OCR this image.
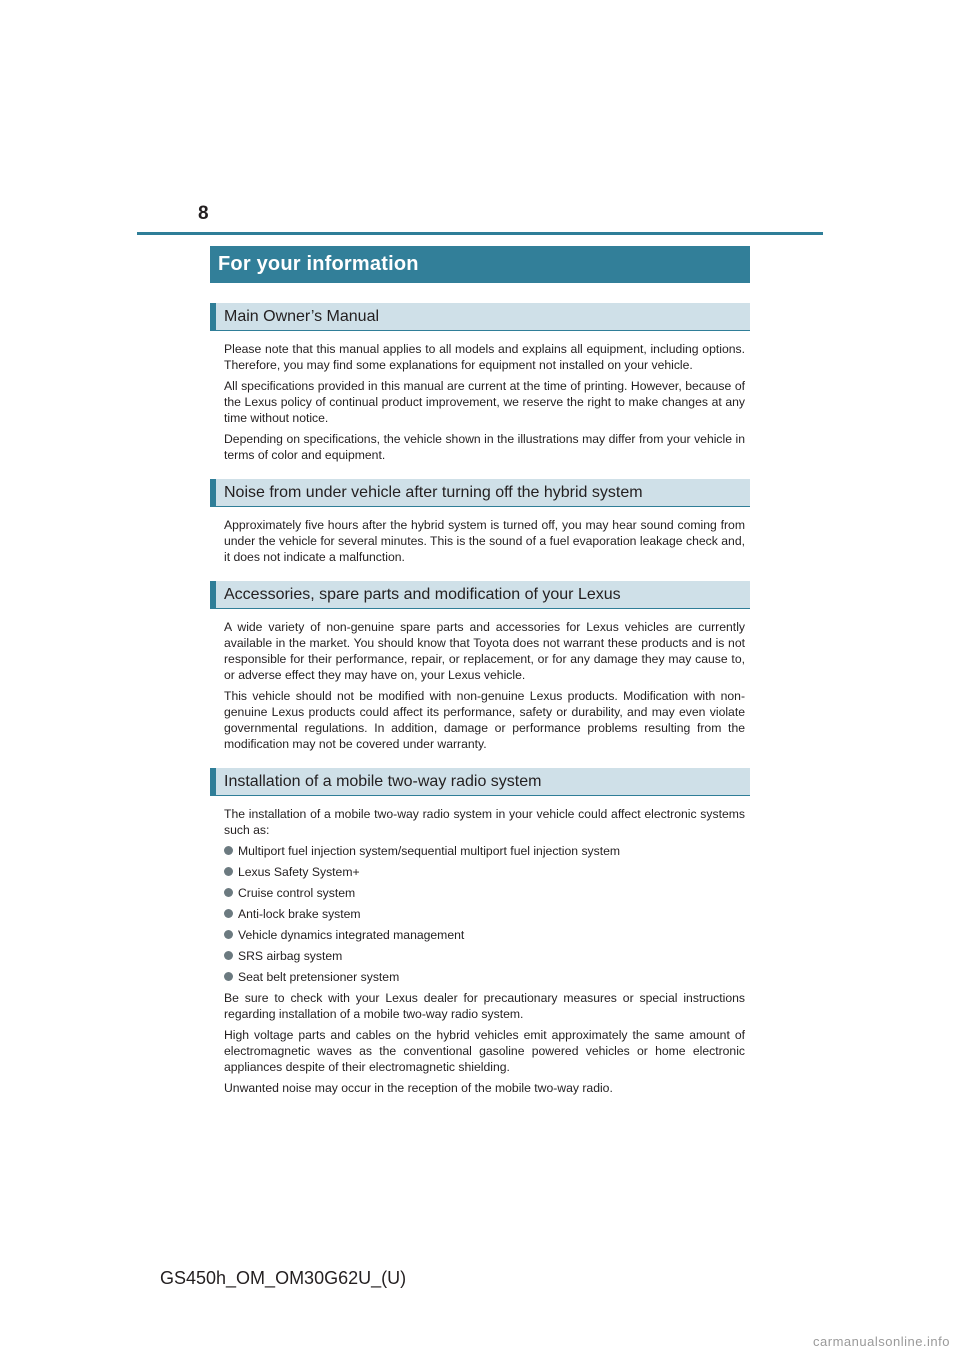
8
For your information
Main Owner’s Manual

Please note that this manual applies to all models and explains all equipment, including options. Therefore, you may find some explanations for equipment not installed on your vehicle.

All specifications provided in this manual are current at the time of printing. However, because of the Lexus policy of continual product improvement, we reserve the right to make changes at any time without notice.

Depending on specifications, the vehicle shown in the illustrations may differ from your vehicle in terms of color and equipment.

Noise from under vehicle after turning off the hybrid system

Approximately five hours after the hybrid system is turned off, you may hear sound coming from under the vehicle for several minutes. This is the sound of a fuel evaporation leakage check and, it does not indicate a malfunction.

Accessories, spare parts and modification of your Lexus

A wide variety of non-genuine spare parts and accessories for Lexus vehicles are currently available in the market. You should know that Toyota does not warrant these products and is not responsible for their performance, repair, or replacement, or for any damage they may cause to, or adverse effect they may have on, your Lexus vehicle.

This vehicle should not be modified with non-genuine Lexus products. Modification with non-genuine Lexus products could affect its performance, safety or durability, and may even violate governmental regulations. In addition, damage or performance problems resulting from the modification may not be covered under warranty.

Installation of a mobile two-way radio system

The installation of a mobile two-way radio system in your vehicle could affect electronic systems such as:

Multiport fuel injection system/sequential multiport fuel injection system
Lexus Safety System+
Cruise control system
Anti-lock brake system
Vehicle dynamics integrated management
SRS airbag system
Seat belt pretensioner system

Be sure to check with your Lexus dealer for precautionary measures or special instructions regarding installation of a mobile two-way radio system.

High voltage parts and cables on the hybrid vehicles emit approximately the same amount of electromagnetic waves as the conventional gasoline powered vehicles or home electronic appliances despite of their electromagnetic shielding.

Unwanted noise may occur in the reception of the mobile two-way radio.

GS450h_OM_OM30G62U_(U)
carmanualsonline.info
